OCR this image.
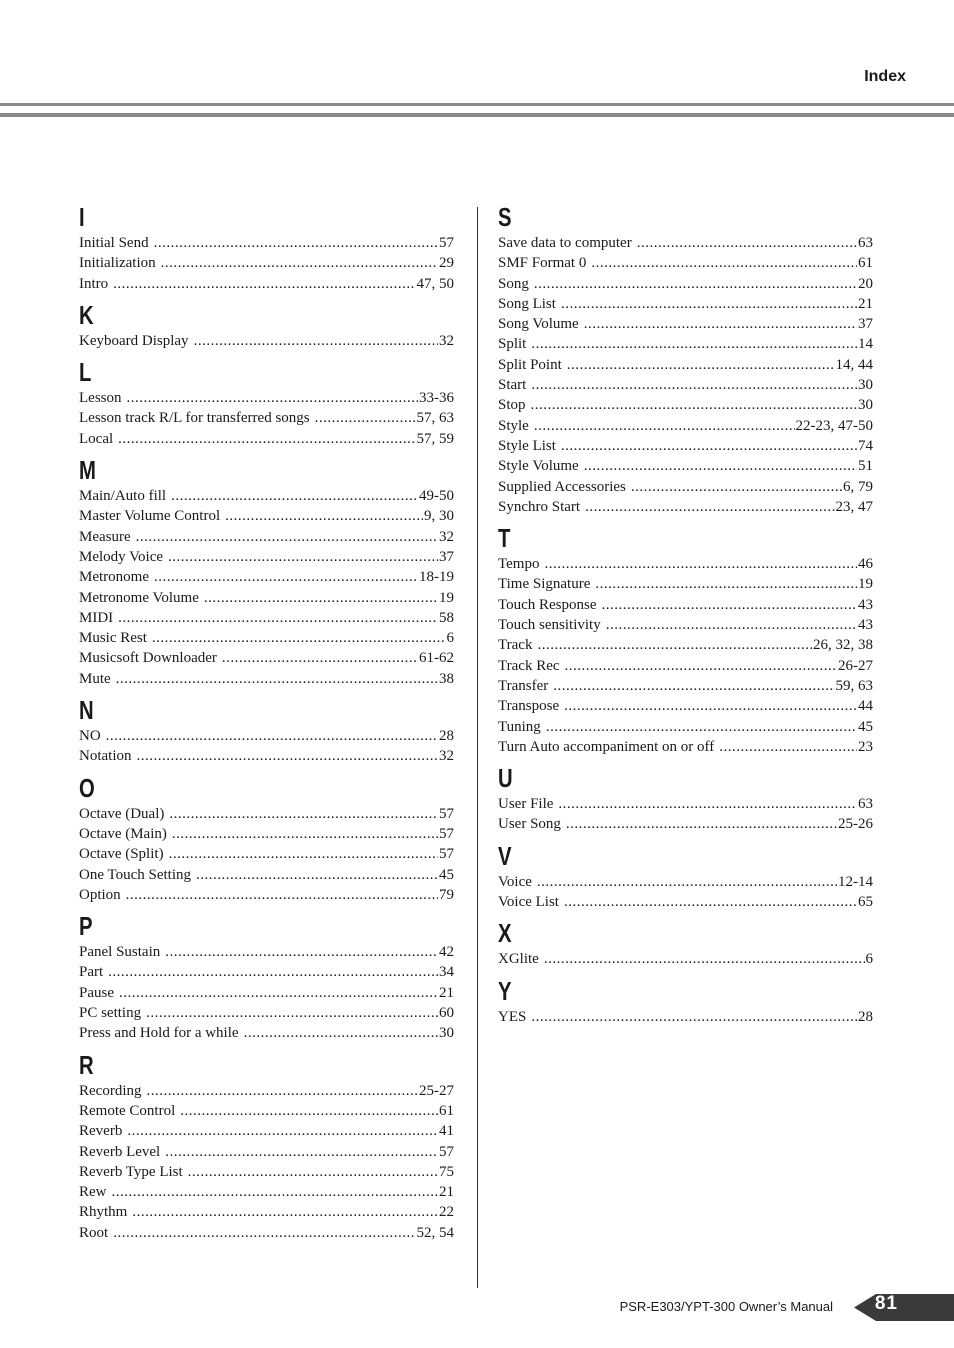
Index
I
Initial Send .....	57
Initialization .....	29
Intro .....	47, 50
K
Keyboard Display .....	32
L
Lesson .....	33-36
Lesson track R/L for transferred songs .....	57, 63
Local .....	57, 59
M
Main/Auto fill .....	49-50
Master Volume Control .....	9, 30
Measure .....	32
Melody Voice .....	37
Metronome .....	18-19
Metronome Volume .....	19
MIDI .....	58
Music Rest .....	6
Musicsoft Downloader .....	61-62
Mute .....	38
N
NO .....	28
Notation .....	32
O
Octave (Dual) .....	57
Octave (Main) .....	57
Octave (Split) .....	57
One Touch Setting .....	45
Option .....	79
P
Panel Sustain .....	42
Part .....	34
Pause .....	21
PC setting .....	60
Press and Hold for a while .....	30
R
Recording .....	25-27
Remote Control .....	61
Reverb .....	41
Reverb Level .....	57
Reverb Type List .....	75
Rew .....	21
Rhythm .....	22
Root .....	52, 54
S
Save data to computer .....	63
SMF Format 0 .....	61
Song .....	20
Song List .....	21
Song Volume .....	37
Split .....	14
Split Point .....	14, 44
Start .....	30
Stop .....	30
Style .....	22-23, 47-50
Style List .....	74
Style Volume .....	51
Supplied Accessories .....	6, 79
Synchro Start .....	23, 47
T
Tempo .....	46
Time Signature .....	19
Touch Response .....	43
Touch sensitivity .....	43
Track .....	26, 32, 38
Track Rec .....	26-27
Transfer .....	59, 63
Transpose .....	44
Tuning .....	45
Turn Auto accompaniment on or off .....	23
U
User File .....	63
User Song .....	25-26
V
Voice .....	12-14
Voice List .....	65
X
XGlite .....	6
Y
YES .....	28
PSR-E303/YPT-300 Owner’s Manual 81
